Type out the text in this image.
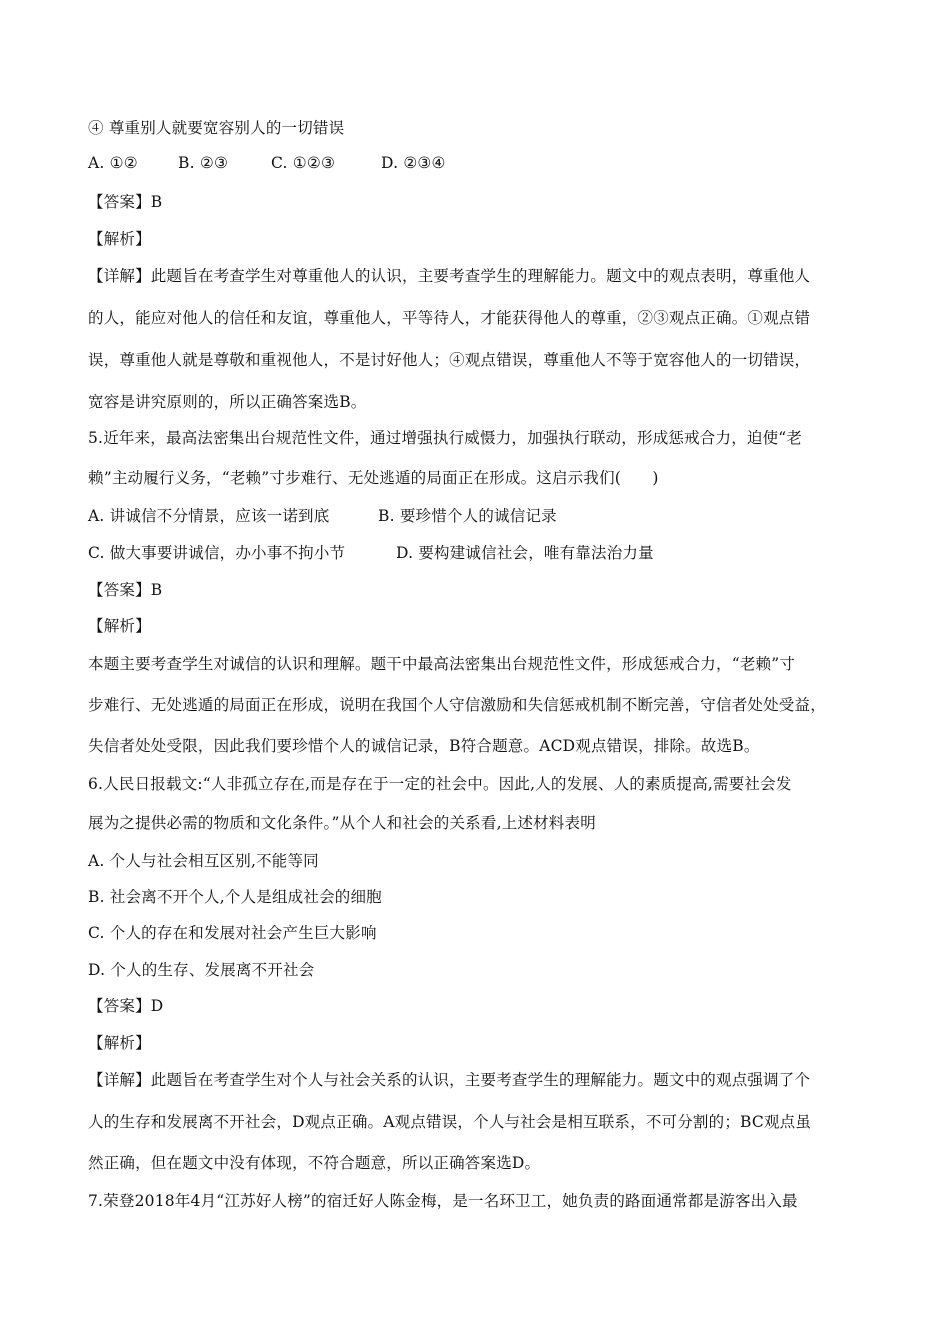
④ 尊重别人就要宽容别人的一切错误
A. ①②	B. ②③	C. ①②③	D. ②③④
【答案】B
【解析】
【详解】此题旨在考查学生对尊重他人的认识，主要考查学生的理解能力。题文中的观点表明，尊重他人
的人，能应对他人的信任和友谊，尊重他人，平等待人，才能获得他人的尊重，②③观点正确。①观点错
误，尊重他人就是尊敬和重视他人，不是讨好他人；④观点错误，尊重他人不等于宽容他人的一切错误，
宽容是讲究原则的，所以正确答案选B。
5.近年来，最高法密集出台规范性文件，通过增强执行威慑力，加强执行联动，形成惩戒合力，迫使“老
赖”主动履行义务，“老赖”寸步难行、无处逃遁的局面正在形成。这启示我们(　　)
A. 讲诚信不分情景，应该一诺到底	B. 要珍惜个人的诚信记录
C. 做大事要讲诚信，办小事不拘小节	D. 要构建诚信社会，唯有靠法治力量
【答案】B
【解析】
本题主要考查学生对诚信的认识和理解。题干中最高法密集出台规范性文件，形成惩戒合力，“老赖”寸
步难行、无处逃遁的局面正在形成，说明在我国个人守信激励和失信惩戒机制不断完善，守信者处处受益，
失信者处处受限，因此我们要珍惜个人的诚信记录，B符合题意。ACD观点错误，排除。故选B。
6.人民日报载文:“人非孤立存在,而是存在于一定的社会中。因此,人的发展、人的素质提高,需要社会发
展为之提供必需的物质和文化条件。”从个人和社会的关系看,上述材料表明
A. 个人与社会相互区别,不能等同
B. 社会离不开个人,个人是组成社会的细胞
C. 个人的存在和发展对社会产生巨大影响
D. 个人的生存、发展离不开社会
【答案】D
【解析】
【详解】此题旨在考查学生对个人与社会关系的认识，主要考查学生的理解能力。题文中的观点强调了个
人的生存和发展离不开社会，D观点正确。A观点错误，个人与社会是相互联系，不可分割的；BC观点虽
然正确，但在题文中没有体现，不符合题意，所以正确答案选D。
7.荣登2018年4月“江苏好人榜”的宿迁好人陈金梅，是一名环卫工，她负责的路面通常都是游客出入最
